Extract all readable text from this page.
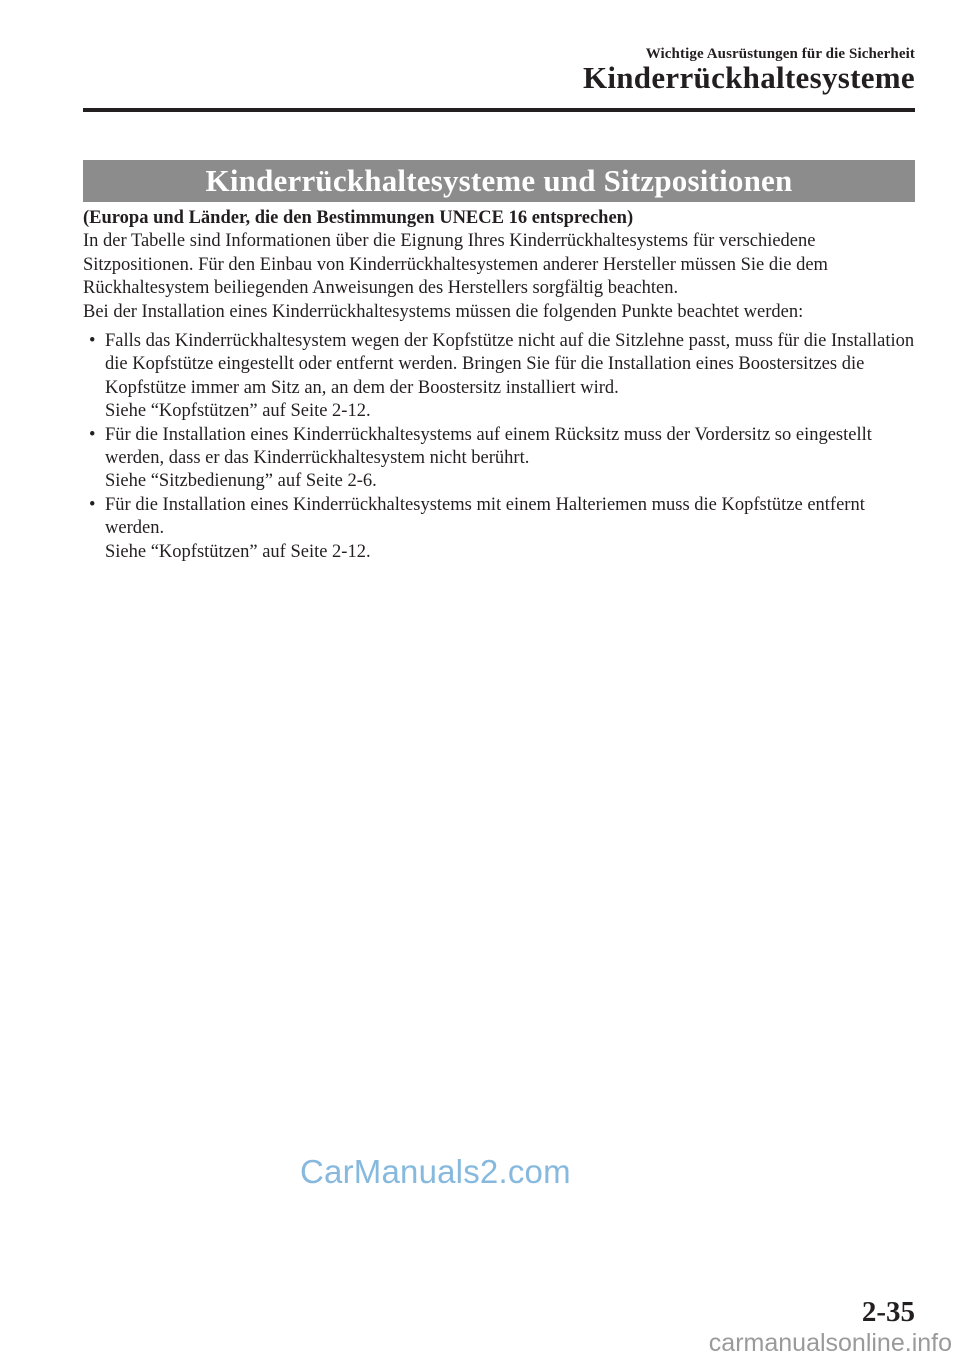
Wichtige Ausrüstungen für die Sicherheit
Kinderrückhaltesysteme
Kinderrückhaltesysteme und Sitzpositionen
(Europa und Länder, die den Bestimmungen UNECE 16 entsprechen)

In der Tabelle sind Informationen über die Eignung Ihres Kinderrückhaltesystems für verschiedene Sitzpositionen. Für den Einbau von Kinderrückhaltesystemen anderer Hersteller müssen Sie die dem Rückhaltesystem beiliegenden Anweisungen des Herstellers sorgfältig beachten.

Bei der Installation eines Kinderrückhaltesystems müssen die folgenden Punkte beachtet werden:

• Falls das Kinderrückhaltesystem wegen der Kopfstütze nicht auf die Sitzlehne passt, muss für die Installation die Kopfstütze eingestellt oder entfernt werden. Bringen Sie für die Installation eines Boostersitzes die Kopfstütze immer am Sitz an, an dem der Boostersitz installiert wird.
Siehe “Kopfstützen” auf Seite 2-12.
• Für die Installation eines Kinderrückhaltesystems auf einem Rücksitz muss der Vordersitz so eingestellt werden, dass er das Kinderrückhaltesystem nicht berührt.
Siehe “Sitzbedienung” auf Seite 2-6.
• Für die Installation eines Kinderrückhaltesystems mit einem Halteriemen muss die Kopfstütze entfernt werden.
Siehe “Kopfstützen” auf Seite 2-12.
CarManuals2.com
2-35
carmanualsonline.info
